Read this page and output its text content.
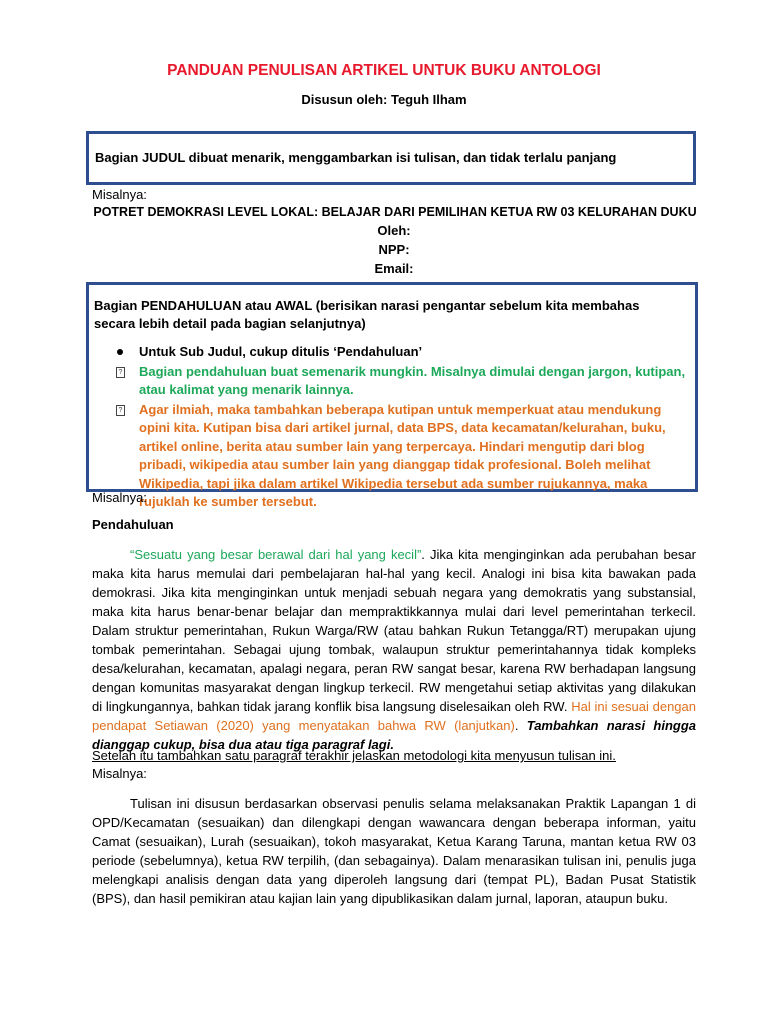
PANDUAN PENULISAN ARTIKEL UNTUK BUKU ANTOLOGI
Disusun oleh: Teguh Ilham
Bagian JUDUL dibuat menarik, menggambarkan isi tulisan, dan tidak terlalu panjang
Misalnya:
POTRET DEMOKRASI LEVEL LOKAL: BELAJAR DARI PEMILIHAN KETUA RW 03 KELURAHAN DUKU
Oleh:
NPP:
Email:
Bagian PENDAHULUAN atau AWAL (berisikan narasi pengantar sebelum kita membahas secara lebih detail pada bagian selanjutnya)
Untuk Sub Judul, cukup ditulis ‘Pendahuluan’
? Bagian pendahuluan buat semenarik mungkin. Misalnya dimulai dengan jargon, kutipan, atau kalimat yang menarik lainnya.
? Agar ilmiah, maka tambahkan beberapa kutipan untuk memperkuat atau mendukung opini kita. Kutipan bisa dari artikel jurnal, data BPS, data kecamatan/kelurahan, buku, artikel online, berita atau sumber lain yang terpercaya. Hindari mengutip dari blog pribadi, wikipedia atau sumber lain yang dianggap tidak profesional. Boleh melihat Wikipedia, tapi jika dalam artikel Wikipedia tersebut ada sumber rujukannya, maka rujuklah ke sumber tersebut.
Misalnya:
Pendahuluan
“Sesuatu yang besar berawal dari hal yang kecil”. Jika kita menginginkan ada perubahan besar maka kita harus memulai dari pembelajaran hal-hal yang kecil. Analogi ini bisa kita bawakan pada demokrasi. Jika kita menginginkan untuk menjadi sebuah negara yang demokratis yang substansial, maka kita harus benar-benar belajar dan mempraktikkannya mulai dari level pemerintahan terkecil. Dalam struktur pemerintahan, Rukun Warga/RW (atau bahkan Rukun Tetangga/RT) merupakan ujung tombak pemerintahan. Sebagai ujung tombak, walaupun struktur pemerintahannya tidak kompleks desa/kelurahan, kecamatan, apalagi negara, peran RW sangat besar, karena RW berhadapan langsung dengan komunitas masyarakat dengan lingkup terkecil. RW mengetahui setiap aktivitas yang dilakukan di lingkungannya, bahkan tidak jarang konflik bisa langsung diselesaikan oleh RW. Hal ini sesuai dengan pendapat Setiawan (2020) yang menyatakan bahwa RW (lanjutkan). Tambahkan narasi hingga dianggap cukup, bisa dua atau tiga paragraf lagi.
Setelah itu tambahkan satu paragraf terakhir jelaskan metodologi kita menyusun tulisan ini.
Misalnya:
Tulisan ini disusun berdasarkan observasi penulis selama melaksanakan Praktik Lapangan 1 di OPD/Kecamatan (sesuaikan) dan dilengkapi dengan wawancara dengan beberapa informan, yaitu Camat (sesuaikan), Lurah (sesuaikan), tokoh masyarakat, Ketua Karang Taruna, mantan ketua RW 03 periode (sebelumnya), ketua RW terpilih, (dan sebagainya). Dalam menarasikan tulisan ini, penulis juga melengkapi analisis dengan data yang diperoleh langsung dari (tempat PL), Badan Pusat Statistik (BPS), dan hasil pemikiran atau kajian lain yang dipublikasikan dalam jurnal, laporan, ataupun buku.
